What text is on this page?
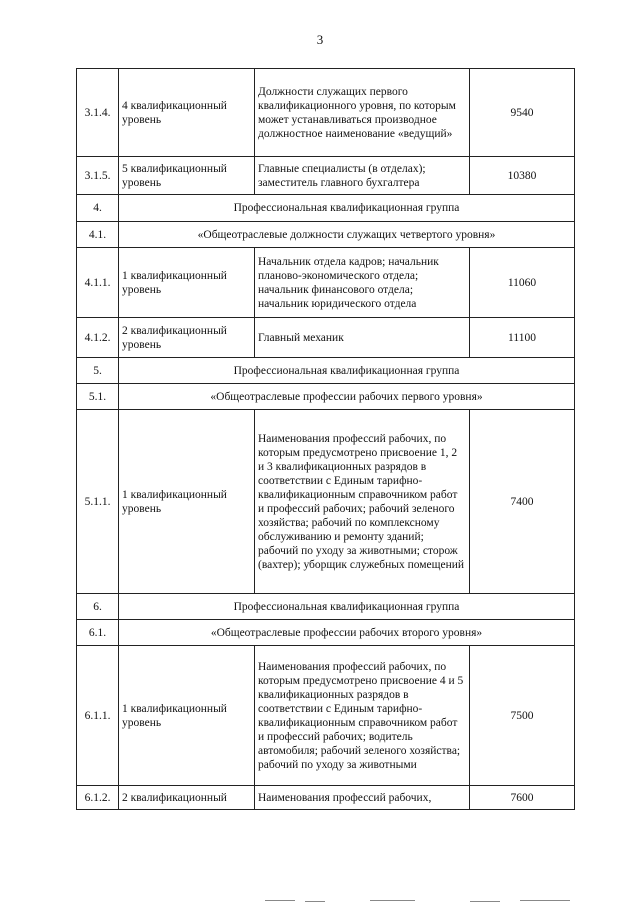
3
3.1.4.	4 квалификационный уровень	Должности служащих первого квалификационного уровня, по которым может устанавливаться производное должностное наименование «ведущий»	9540
3.1.5.	5 квалификационный уровень	Главные специалисты (в отделах); заместитель главного бухгалтера	10380
4.	Профессиональная квалификационная группа		
4.1.	«Общеотраслевые должности служащих четвертого уровня»		
4.1.1.	1 квалификационный уровень	Начальник отдела кадров; начальник планово-экономического отдела; начальник финансового отдела; начальник юридического отдела	11060
4.1.2.	2 квалификационный уровень	Главный механик	11100
5.	Профессиональная квалификационная группа		
5.1.	«Общеотраслевые профессии рабочих первого уровня»		
5.1.1.	1 квалификационный уровень	Наименования профессий рабочих, по которым предусмотрено присвоение 1, 2 и 3 квалификационных разрядов в соответствии с Единым тарифно-квалификационным справочником работ и профессий рабочих; рабочий зеленого хозяйства; рабочий по комплексному обслуживанию и ремонту зданий; рабочий по уходу за животными; сторож (вахтер); уборщик служебных помещений	7400
6.	Профессиональная квалификационная группа		
6.1.	«Общеотраслевые профессии рабочих второго уровня»		
6.1.1.	1 квалификационный уровень	Наименования профессий рабочих, по которым предусмотрено присвоение 4 и 5 квалификационных разрядов в соответствии с Единым тарифно-квалификационным справочником работ и профессий рабочих; водитель автомобиля; рабочий зеленого хозяйства; рабочий по уходу за животными	7500
6.1.2.	2 квалификационный	Наименования профессий рабочих,	7600
